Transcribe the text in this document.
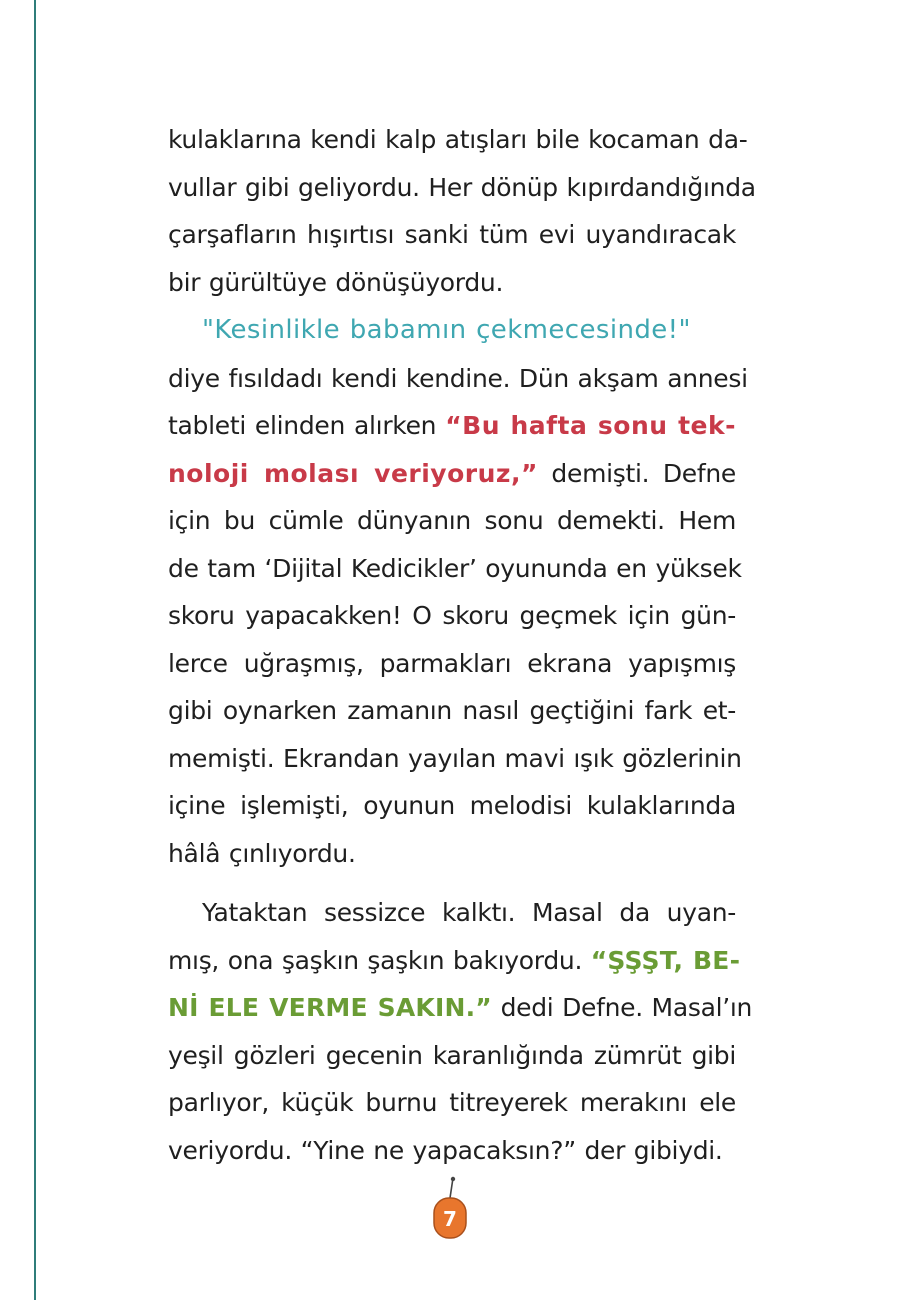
kulaklarına kendi kalp atışları bile kocaman da-
vullar gibi geliyordu. Her dönüp kıpırdandığında
çarşafların hışırtısı sanki tüm evi uyandıracak
bir gürültüye dönüşüyordu.
"Kesinlikle babamın çekmecesinde!"
diye fısıldadı kendi kendine. Dün akşam annesi
tableti elinden alırken “Bu hafta sonu tek-
noloji molası veriyoruz,” demişti. Defne
için bu cümle dünyanın sonu demekti. Hem
de tam ‘Dijital Kedicikler’ oyununda en yüksek
skoru yapacakken! O skoru geçmek için gün-
lerce uğraşmış, parmakları ekrana yapışmış
gibi oynarken zamanın nasıl geçtiğini fark et-
memişti. Ekrandan yayılan mavi ışık gözlerinin
içine işlemişti, oyunun melodisi kulaklarında
hâlâ çınlıyordu.
Yataktan sessizce kalktı. Masal da uyan-
mış, ona şaşkın şaşkın bakıyordu. “ŞŞŞT, BE-
Nİ ELE VERME SAKIN.” dedi Defne. Masal’ın
yeşil gözleri gecenin karanlığında zümrüt gibi
parlıyor, küçük burnu titreyerek merakını ele
veriyordu. “Yine ne yapacaksın?” der gibiydi.
7
